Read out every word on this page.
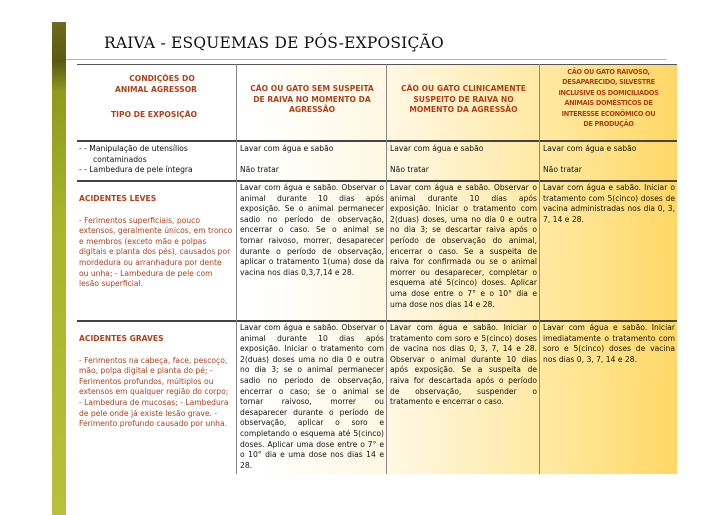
RAIVA - ESQUEMAS DE PÓS-EXPOSIÇÃO
CONDIÇÕES DO
ANIMAL AGRESSOR
TIPO DE EXPOSIÇÃO
CÃO OU GATO SEM SUSPEITA
DE RAIVA NO MOMENTO DA
AGRESSÃO
CÃO OU GATO CLINICAMENTE
SUSPEITO DE RAIVA NO
MOMENTO DA AGRESSÃO
CÃO OU GATO RAIVOSO,
DESAPARECIDO, SILVESTRE
INCLUSIVE OS DOMICILIADOS
ANIMAIS DOMÉSTICOS DE
INTERESSE ECONÔMICO OU
DE PRODUÇÃO
- - Manipulação de utensílios
contaminados
- - Lambedura de pele íntegra
Lavar com água e sabão
Não tratar
Lavar com água e sabão
Não tratar
Lavar com água e sabão
Não tratar
ACIDENTES LEVES
- Ferimentos superficiais, pouco extensos, geralmente únicos, em tronco e membros (exceto mão e polpas digitais e planta dos pés), causados por mordedura ou arranhadura por dente ou unha; - Lambedura de pele com lesão superficial.
Lavar com água e sabão. Observar o animal durante 10 dias após exposição. Se o animal permanecer sadio no período de observação, encerrar o caso. Se o animal se tornar raivoso, morrer, desaparecer durante o período de observação, aplicar o tratamento 1(uma) dose da vacina nos dias 0,3,7,14 e 28.
Lavar com água e sabão. Observar o animal durante 10 dias após exposição. Iniciar o tratamento com 2(duas) doses, uma no dia 0 e outra no dia 3; se descartar raiva após o período de observação do animal, encerrar o caso. Se a suspeita de raiva for confirmada ou se o animal morrer ou desaparecer, completar o esquema até 5(cinco) doses. Aplicar uma dose entre o 7° e o 10° dia e uma dose nos dias 14 e 28.
Lavar com água e sabão. Iniciar o tratamento com 5(cinco) doses de vacina administradas nos dia 0, 3, 7, 14 e 28.
ACIDENTES GRAVES
- Ferimentos na cabeça, face, pescoço, mão, polpa digital e planta do pé; - Ferimentos profundos, múltiplos ou extensos em qualquer região do corpo; - Lambedura de mucosas; - Lambedura de pele onde já existe lesão grave. - Ferimento profundo causado por unha.
Lavar com água e sabão. Observar o animal durante 10 dias após exposição. Iniciar o tratamento com 2(duas) doses uma no dia 0 e outra no dia 3; se o animal permanecer sadio no período de observação, encerrar o caso; se o animal se tornar raivoso, morrer ou desaparecer durante o período de observação, aplicar o soro e completando o esquema até 5(cinco) doses. Aplicar uma dose entre o 7° e o 10° dia e uma dose nos dias 14 e 28.
Lavar com água e sabão. Iniciar o tratamento com soro e 5(cinco) doses de vacina nos dias 0, 3, 7, 14 e 28. Observar o animal durante 10 dias após exposição. Se a suspeita de raiva for descartada após o período de observação, suspender o tratamento e encerrar o caso.
Lavar com água e sabão. Iniciar imediatamente o tratamento com soro e 5(cinco) doses de vacina nos dias 0, 3, 7, 14 e 28.
